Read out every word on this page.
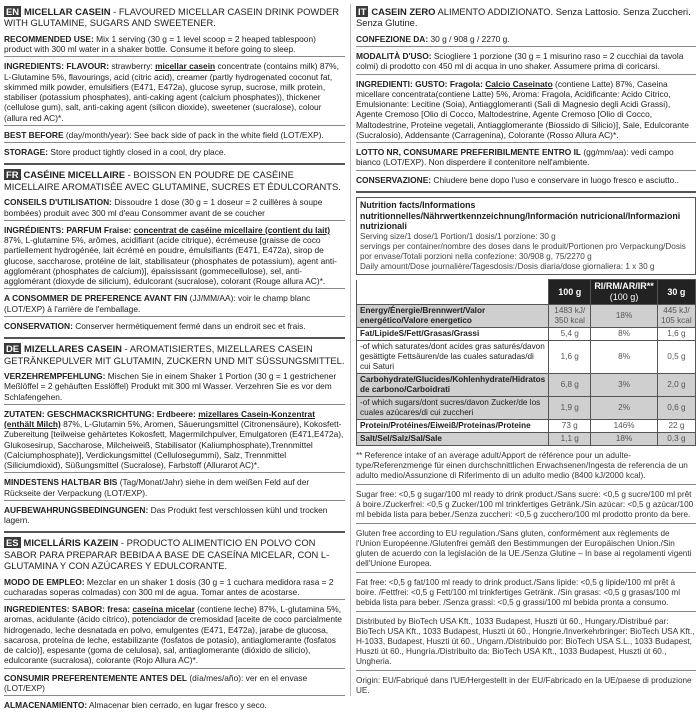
EN MICELLAR CASEIN - FLAVOURED MICELLAR CASEIN DRINK POWDER WITH GLUTAMINE, SUGARS AND SWEETENER.
RECOMMENDED USE: Mix 1 serving (30 g = 1 level scoop = 2 heaped tablespoon) product with 300 ml water in a shaker bottle. Consume it before going to sleep.
INGREDIENTS: FLAVOUR: strawberry: micellar casein concentrate (contains milk) 87%, L-Glutamine 5%, flavourings, acid (citric acid), creamer (partly hydrogenated coconut fat, skimmed milk powder, emulsifiers (E471, E472a), glucose syrup, sucrose, milk protein, stabiliser (potassium phosphates), anti-caking agent (calcium phosphates)), thickener (cellulose gum), salt, anti-caking agent (silicon dioxide), sweetener (sucralose), colour (allura red AC)*.
BEST BEFORE (day/month/year): See back side of pack in the white field (LOT/EXP).
STORAGE: Store product tightly closed in a cool, dry place.
FR CASÉINE MICELLAIRE - BOISSON EN POUDRE DE CASÉINE MICELLAIRE AROMATISÉE AVEC GLUTAMINE, SUCRES ET ÉDULCORANTS.
CONSEILS D'UTILISATION: Dissoudre 1 dose (30 g = 1 doseur = 2 cuillères à soupe bombées) produit avec 300 ml d'eau Consommer avant de se coucher
INGRÉDIENTS: PARFUM Fraise: concentrat de caséine micellaire (contient du lait) 87%, L-glutamine 5%, arômes, acidifiant (acide citrique), écrémeuse [graisse de coco partiellement hydrogénée, lait écrémé en poudre, émulsifiants (E471, E472a), sirop de glucose, saccharose, protéine de lait, stabilisateur (phosphates de potassium), agent anti-agglomérant (phosphates de calcium)], épaississant (gommecellulose), sel, anti-agglomérant (dioxyde de silicium), édulcorant (sucralose), colorant (Rouge allura AC)*.
A CONSOMMER DE PREFERENCE AVANT FIN (JJ/MM/AA): voir le champ blanc (LOT/EXP) à l'arrière de l'emballage.
CONSERVATION: Conserver hermétiquement fermé dans un endroit sec et frais.
DE MIZELLARES CASEIN - AROMATISIERTES, MIZELLARES CASEIN GETRÄNKEPULVER MIT GLUTAMIN, ZUCKERN UND MIT SÜSSUNGSMITTEL.
VERZEHREMPFEHLUNG: Mischen Sie in einem Shaker 1 Portion (30 g = 1 gestrichener Meßlöffel = 2 gehäuften Esslöffel) Produkt mit 300 ml Wasser. Verzehren Sie es vor dem Schlafengehen.
ZUTATEN: GESCHMACKSRICHTUNG: Erdbeere: mizellares Casein-Konzentrat (enthält Milch) 87%, L-Glutamin 5%, Aromen, Säuerungsmittel (Citronensäure), Kokosfett-Zubereitung [teilweise gehärtetes Kokosfett, Magermilchpulver, Emulgatoren (E471,E472a), Glukosesirup, Saccharose, Milcheiweiß, Stabilisator (Kaliumphosphate),Trennmittel (Calciumphosphate)], Verdickungsmittel (Cellulosegummi), Salz, Trennmittel (Siliciumdioxid), Süßungsmittel (Sucralose), Farbstoff (Allurarot AC)*.
MINDESTENS HALTBAR BIS (Tag/Monat/Jahr) siehe in dem weißen Feld auf der Rückseite der Verpackung (LOT/EXP).
AUFBEWAHRUNGSBEDINGUNGEN: Das Produkt fest verschlossen kühl und trocken lagern.
ES MICELLÁRIS KAZEIN - PRODUCTO ALIMENTICIO EN POLVO CON SABOR PARA PREPARAR BEBIDA A BASE DE CASEÍNA MICELAR, CON L-GLUTAMINA Y CON AZÚCARES Y EDULCORANTE.
MODO DE EMPLEO: Mezclar en un shaker 1 dosis (30 g = 1 cuchara medidora rasa = 2 cucharadas soperas colmadas) con 300 ml de agua. Tomar antes de acostarse.
INGREDIENTES: SABOR: fresa: caseína micelar (contiene leche) 87%, L-glutamina 5%, aromas, acidulante (ácido cítrico), potenciador de cremosidad [aceite de coco parcialmente hidrogenado, leche desnatada en polvo, emulgentes (E471, E472a), jarabe de glucosa, sacarosa, proteína de leche, estabilizante (fosfatos de potasio), antiaglomerante (fosfatos de calcio)], espesante (goma de celulosa), sal, antiaglomerante (dióxido de silicio), edulcorante (sucralosa), colorante (Rojo Allura AC)*.
CONSUMIR PREFERENTEMENTE ANTES DEL (día/mes/año): ver en el envase (LOT/EXP)
ALMACENAMIENTO: Almacenar bien cerrado, en lugar fresco y seco.
IT CASEIN ZERO ALIMENTO ADDIZIONATO. Senza Lattosio. Senza Zuccheri. Senza Glutine.
CONFEZIONE DA: 30 g / 908 g / 2270 g.
MODALITÀ D'USO: Sciogliere 1 porzione (30 g = 1 misurino raso = 2 cucchiai da tavola colmi) di prodotto con 450 ml di acqua in uno shaker. Assumere prima di coricarsi.
INGREDIENTI: GUSTO: Fragola: Calcio Caseinato (contiene Latte) 87%, Caseina micellare concentrata(contiene Latte) 5%, Aroma: Fragola, Acidificante: Acido Citrico, Emulsionante: Lecitine (Soia), Antiagglomeranti (Sali di Magnesio degli Acidi Grassi), Agente Cremoso [Olio di Cocco, Maltodestrine, Agente Cremoso [Olio di Cocco, Maltodestrine, Proteine vegetali, Antiagglomerante (Biossido di Silicio)], Sale, Edulcorante (Sucralosio), Addensante (Carragenina), Colorante (Rosso Allura AC)*.
LOTTO NR, CONSUMARE PREFERIBILMENTE ENTRO IL (gg/mm/aa): vedi campo bianco (LOT/EXP). Non disperdere il contenitore nell'ambiente.
CONSERVAZIONE: Chiudere bene dopo l'uso e conservare in luogo fresco e asciutto..
Nutrition facts/Informations nutritionnelles/Nährwertkennzeichnung/Información nutricional/Informazioni nutrizionali
Serving size/1 dose/1 Portion/1 dosis/1 porzione: 30 g
servings per container/nombre des doses dans le produit/Portionen pro Verpackung/Dosis por envase/Totali porzioni nella confezione: 30/908 g, 75/2270 g
Daily amount/Dose journalière/Tagesdosis:/Dosis diaria/dose giornaliera: 1 x 30 g
	100 g	RI/RM/AR/IR**
(100 g)	30 g
Energy/Énergie/Brennwert/Valor energético/Valore energetico	1483 kJ/ 350 kcal	18%	445 kJ/ 105 kcal
Fat/LipideS/Fett/Grasas/Grassi	5,4 g	8%	1,6 g
-of which saturates/dont acides gras saturés/davon gesättigte Fettsäuren/de las cuales saturadas/di cui Saturi	1,6 g	8%	0,5 g
Carbohydrate/Glucides/Kohlenhydrate/Hidratos de carbono/Carboidrati	6,8 g	3%	2,0 g
-of which sugars/dont sucres/davon Zucker/de los cuales azúcares/di cui zuccheri	1,9 g	2%	0,6 g
Protein/Protéines/Eiweiß/Proteinas/Proteine	73 g	146%	22 g
Salt/Sel/Salz/Sal/Sale	1,1 g	18%	0,3 g
** Reference intake of an average adult/Apport de référence pour un adulte-type/Referenzmenge für einen durchschnittlichen Erwachsenen/Ingesta de referencia de un adulto medio/Assunzione di Riferimento di un adulto medio (8400 kJ/2000 kcal).
Sugar free: <0,5 g sugar/100 ml ready to drink product./Sans sucre: <0,5 g sucre/100 ml prêt à boire./Zuckerfrei: <0,5 g Zucker/100 ml trinkfertiges Getränk./Sin azúcar: <0,5 g azúcar/100 ml bebida lista para beber./Senza zuccheri: <0,5 g zucchero/100 ml prodotto pronto da bere.
Gluten free according to EU regulation./Sans gluten, conformément aux règlements de l'Union Européenne./Glutenfrei gemäß den Bestimmungen der Europäischen Union./Sin gluten de acuerdo con la legislación de la UE./Senza Glutine – In base ai regolamenti vigenti dell'Unione Europea.
Fat free: <0,5 g fat/100 ml ready to drink product./Sans lipide: <0,5 g lipide/100 ml prêt à boire. /Fettfrei: <0,5 g Fett/100 ml trinkfertiges Getränk. /Sin grasas: <0,5 g grasas/100 ml bebida lista para beber. /Senza grassi: <0,5 g grassi/100 ml bebida pronta a consumo.
Distributed by BioTech USA Kft., 1033 Budapest, Huszti út 60., Hungary./Distribué par: BioTech USA Kft., 1033 Budapest, Huszti út 60., Hongrie./Inverkehrbringer: BioTech USA Kft., H-1033, Budapest, Huszti út 60., Ungarn./Distribuido por: BioTech USA S.L., 1033 Budapest, Huszti út 60., Hungría./Distribuito da: BioTech USA Kft., 1033 Budapest, Huszti út 60., Ungheria.
Origin: EU/Fabriqué dans l'UE/Hergestellt in der EU/Fabricado en la UE/paese di produzione UE.
